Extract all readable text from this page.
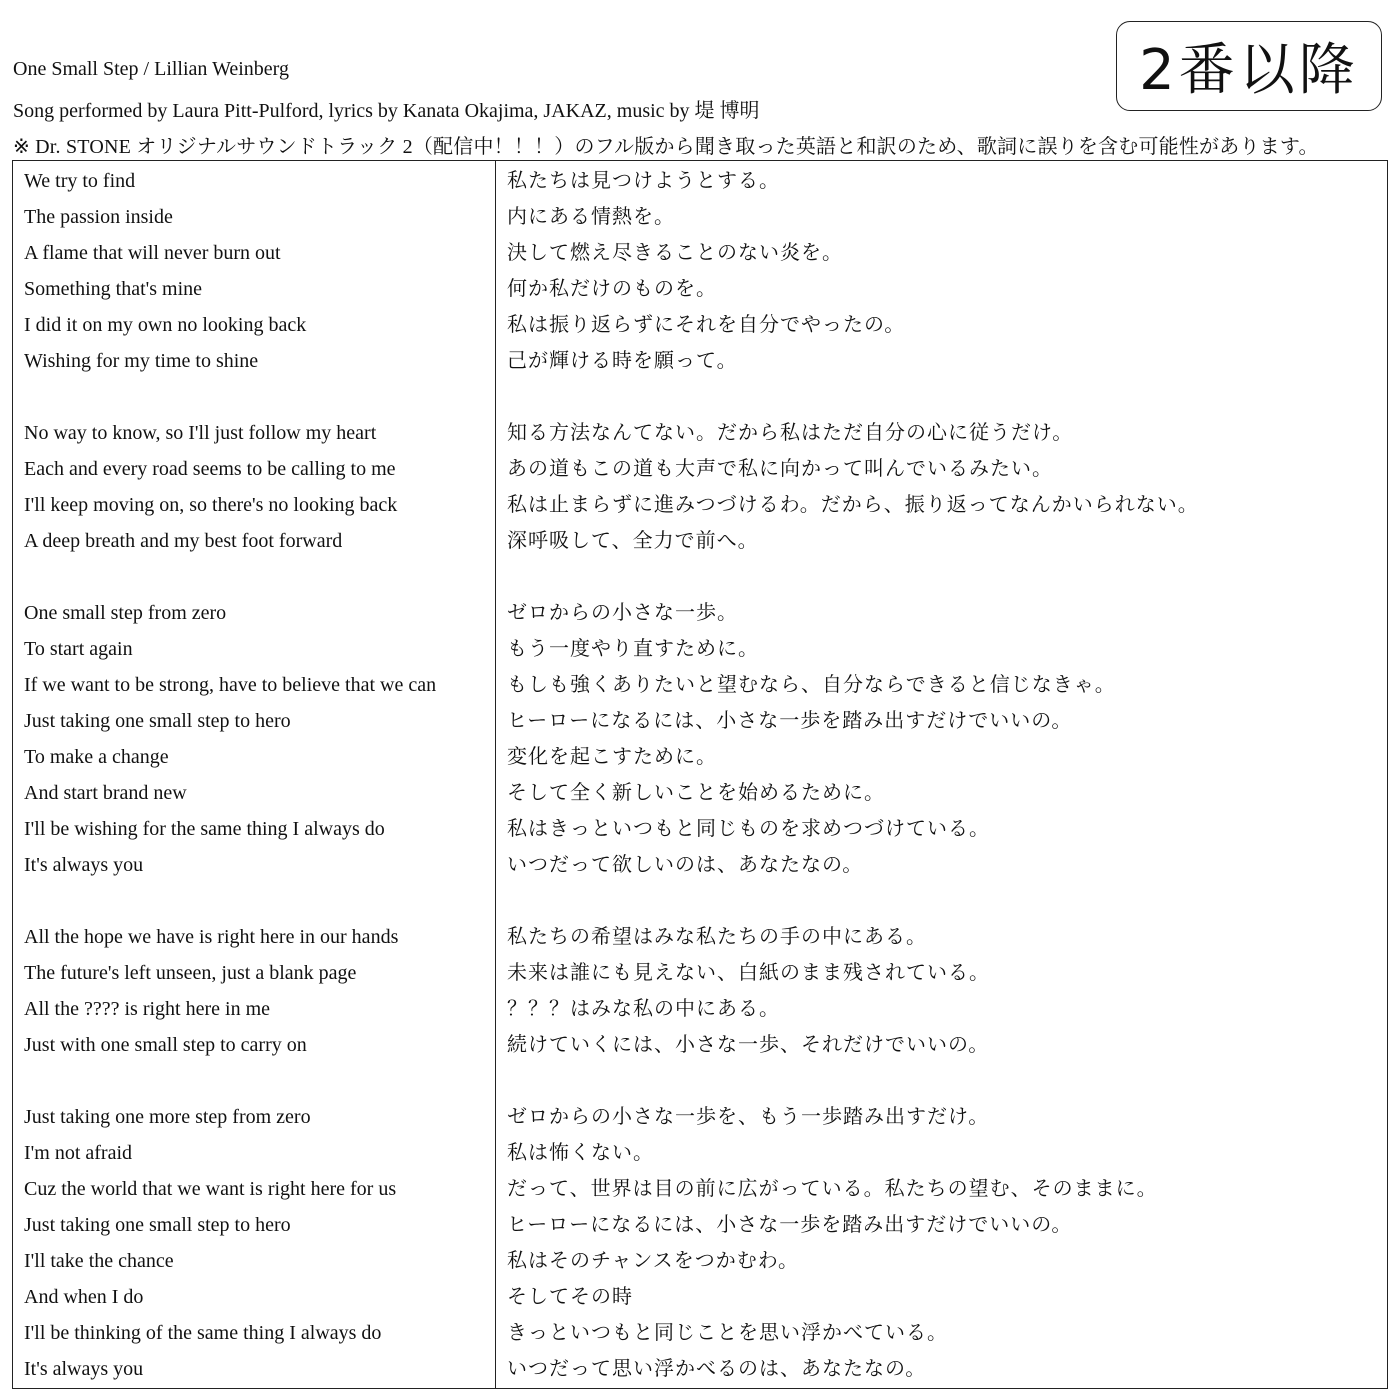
One Small Step / Lillian Weinberg
Song performed by Laura Pitt-Pulford, lyrics by Kanata Okajima, JAKAZ, music by 堤 博明
※ Dr. STONE オリジナルサウンドトラック 2（配信中！！！）のフル版から聞き取った英語と和訳のため、歌詞に誤りを含む可能性があります。
2番以降
We try to find
The passion inside
A flame that will never burn out
Something that's mine
I did it on my own no looking back
Wishing for my time to shine
No way to know, so I'll just follow my heart
Each and every road seems to be calling to me
I'll keep moving on, so there's no looking back
A deep breath and my best foot forward
One small step from zero
To start again
If we want to be strong, have to believe that we can
Just taking one small step to hero
To make a change
And start brand new
I'll be wishing for the same thing I always do
It's always you
All the hope we have is right here in our hands
The future's left unseen, just a blank page
All the ???? is right here in me
Just with one small step to carry on
Just taking one more step from zero
I'm not afraid
Cuz the world that we want is right here for us
Just taking one small step to hero
I'll take the chance
And when I do
I'll be thinking of the same thing I always do
It's always you
私たちは見つけようとする。
内にある情熱を。
決して燃え尽きることのない炎を。
何か私だけのものを。
私は振り返らずにそれを自分でやったの。
己が輝ける時を願って。
知る方法なんてない。だから私はただ自分の心に従うだけ。
あの道もこの道も大声で私に向かって叫んでいるみたい。
私は止まらずに進みつづけるわ。だから、振り返ってなんかいられない。
深呼吸して、全力で前へ。
ゼロからの小さな一歩。
もう一度やり直すために。
もしも強くありたいと望むなら、自分ならできると信じなきゃ。
ヒーローになるには、小さな一歩を踏み出すだけでいいの。
変化を起こすために。
そして全く新しいことを始めるために。
私はきっといつもと同じものを求めつづけている。
いつだって欲しいのは、あなたなの。
私たちの希望はみな私たちの手の中にある。
未来は誰にも見えない、白紙のまま残されている。
？？？はみな私の中にある。
続けていくには、小さな一歩、それだけでいいの。
ゼロからの小さな一歩を、もう一歩踏み出すだけ。
私は怖くない。
だって、世界は目の前に広がっている。私たちの望む、そのままに。
ヒーローになるには、小さな一歩を踏み出すだけでいいの。
私はそのチャンスをつかむわ。
そしてその時
きっといつもと同じことを思い浮かべている。
いつだって思い浮かべるのは、あなたなの。
